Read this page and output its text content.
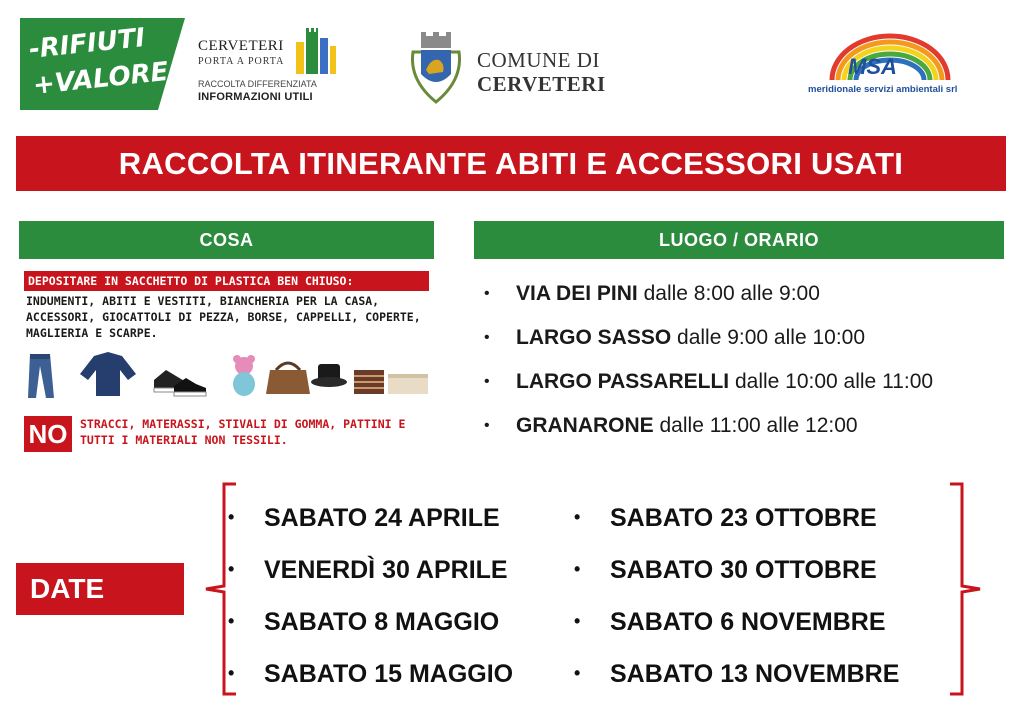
-RIFIUTI
+VALORE
CERVETERI
PORTA A PORTA
RACCOLTA DIFFERENZIATA
INFORMAZIONI UTILI
COMUNE DI
CERVETERI
MSA
meridionale servizi ambientali srl
RACCOLTA ITINERANTE ABITI E ACCESSORI USATI
COSA	LUOGO / ORARIO
DEPOSITARE IN SACCHETTO DI PLASTICA BEN CHIUSO:
INDUMENTI, ABITI E VESTITI, BIANCHERIA PER LA CASA, ACCESSORI, GIOCATTOLI DI PEZZA, BORSE, CAPPELLI, COPERTE, MAGLIERIA E SCARPE.
NO	STRACCI, MATERASSI, STIVALI DI GOMMA, PATTINI E TUTTI I MATERIALI NON TESSILI.
• VIA DEI PINI dalle 8:00 alle 9:00
• LARGO SASSO dalle 9:00 alle 10:00
• LARGO PASSARELLI dalle 10:00 alle 11:00
• GRANARONE dalle 11:00 alle 12:00
DATE
• SABATO 24 APRILE
• VENERDÌ 30 APRILE
• SABATO 8 MAGGIO
• SABATO 15 MAGGIO
• SABATO 23 OTTOBRE
• SABATO 30 OTTOBRE
• SABATO 6 NOVEMBRE
• SABATO 13 NOVEMBRE
